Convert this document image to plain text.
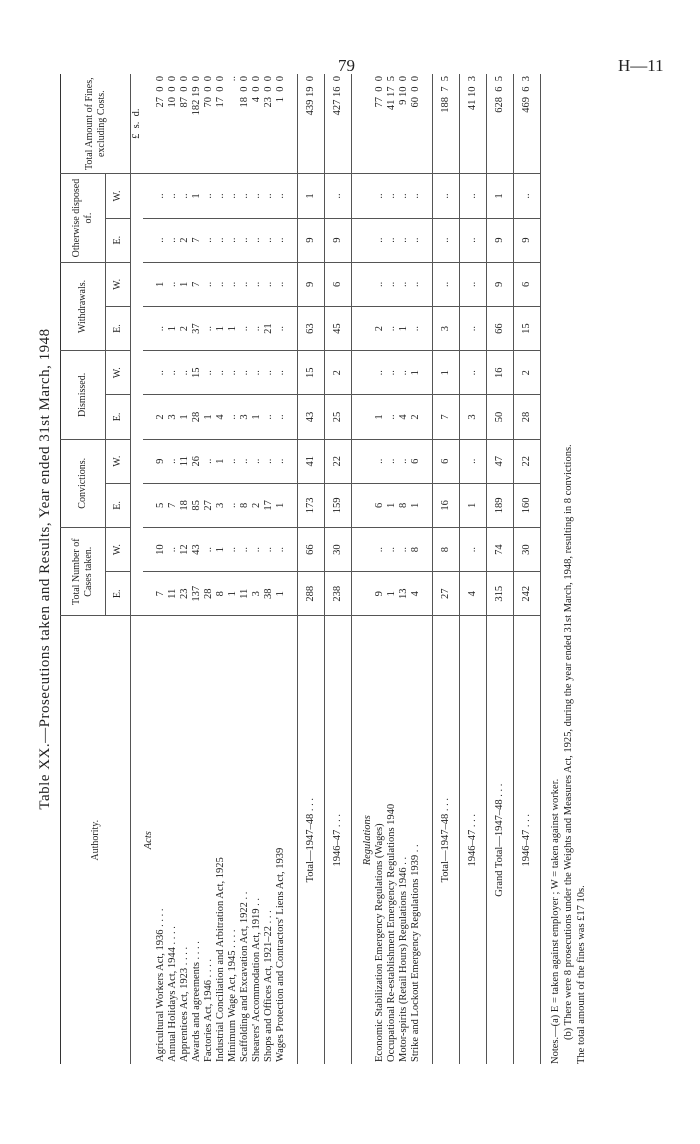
79	H—11
Table XX.—Prosecutions taken and Results, Year ended 31st March, 1948
Authority.	Total Number of Cases taken.		Convictions.		Dismissed.		Withdrawals.		Otherwise disposed of.		Total Amount of Fines, excluding Costs.
	E.	W.	E.	W.	E.	W.	E.	W.	E.	W.	
											£  s.  d.
Acts											
Agricultural Workers Act, 1936 . . . .	7	10	5	9	2	..	..	1	..	..	27  0  0
Annual Holidays Act, 1944 . . . .	11	..	7	..	3	..	1	..	..	..	10  0  0
Apprentices Act, 1923 . . . .	23	12	18	11	1	..	2	1	2	..	87  0  0
Awards and agreements . . . .	137	43	85	26	28	15	37	7	7	1	182 19  0
Factories Act, 1946 . . . .	28	..	27	..	1	..	..	..	..	..	70  0  0
Industrial Conciliation and Arbitration Act, 1925	8	1	3	1	4	..	1	..	..	..	17  0  0
Minimum Wage Act, 1945 . . . .	1	..	..	..	..	..	1	..	..	..	..
Scaffolding and Excavation Act, 1922 . .	11	..	8	..	3	..	..	..	..	..	18  0  0
Shearers' Accommodation Act, 1919 . .	3	..	2	..	1	..	..	..	..	..	4  0  0
Shops and Offices Act, 1921–22 . . .	38	..	17	..	..	..	21	..	..	..	23  0  0
Wages Protection and Contractors' Liens Act, 1939	1	..	1	..	..	..	..	..	..	..	1  0  0

Total—1947–48 . . .	288	66	173	41	43	15	63	9	9	1	439 19  0
1946–47 . . .	238	30	159	22	25	2	45	6	9	..	427 16  0

Regulations											
Economic Stabilization Emergency Regulations (Wages)	9	..	6	..	1	..	2	..	..	..	77  0  0
Occupational Re-establishment Emergency Regulations 1940	1	..	1	..	..	..	..	..	..	..	41 17  5
Motor-spirits (Retail Hours) Regulations 1946 . .	13	..	8	..	4	..	1	..	..	..	9 10  0
Strike and Lockout Emergency Regulations 1939 . .	4	8	1	6	2	1	..	..	..	..	60  0  0

Total—1947–48 . . .	27	8	16	6	7	1	3	..	..	..	188  7  5
1946–47 . . .	4	..	1	..	3	..	..	..	..	..	41 10  3
Grand Total—1947–48 . . .	315	74	189	47	50	16	66	9	9	1	628  6  5
1946–47 . . .	242	30	160	22	28	2	15	6	9	..	469  6  3
Notes.—(a) E = taken against employer ; W = taken against worker. (b) There were 8 prosecutions under the Weights and Measures Act, 1925, during the year ended 31st March, 1948, resulting in 8 convictions. The total amount of the fines was £17 10s.
